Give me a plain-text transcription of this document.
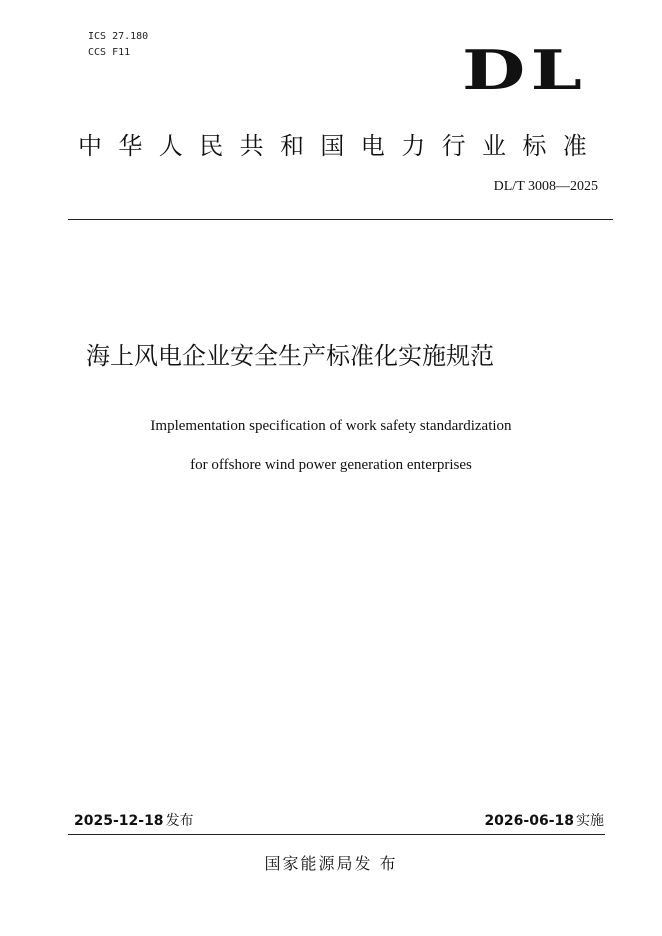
ICS 27.180
CCS F11	DL
中华人民共和国电力行业标准
DL/T 3008—2025
海上风电企业安全生产标准化实施规范
Implementation specification of work safety standardization
for offshore wind power generation enterprises
2025-12-18 发布	2026-06-18 实施
国家能源局发 布
